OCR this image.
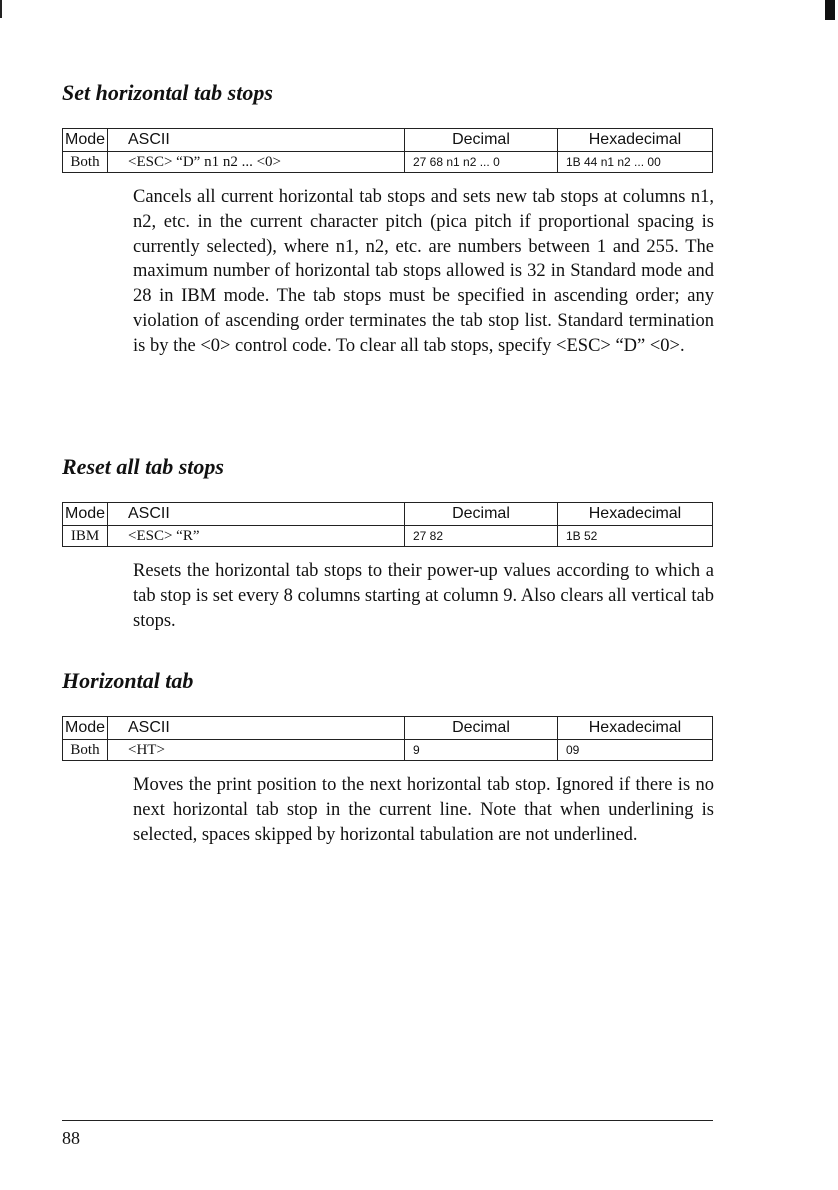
Set horizontal tab stops
Mode	ASCII	Decimal	Hexadecimal
Both	<ESC> “D” n1 n2 ... <0>	27 68 n1 n2 ... 0	1B 44 n1 n2 ... 00

Cancels all current horizontal tab stops and sets new tab stops at columns n1, n2, etc. in the current character pitch (pica pitch if proportional spacing is currently selected), where n1, n2, etc. are numbers between 1 and 255. The maximum number of horizontal tab stops allowed is 32 in Standard mode and 28 in IBM mode. The tab stops must be specified in ascending order; any violation of ascending order terminates the tab stop list. Standard termination is by the <0> control code. To clear all tab stops, specify <ESC> “D” <0>.

Reset all tab stops
Mode	ASCII	Decimal	Hexadecimal
IBM	<ESC> “R”	27 82	1B 52

Resets the horizontal tab stops to their power-up values according to which a tab stop is set every 8 columns starting at column 9. Also clears all vertical tab stops.

Horizontal tab
Mode	ASCII	Decimal	Hexadecimal
Both	<HT>	9	09

Moves the print position to the next horizontal tab stop. Ignored if there is no next horizontal tab stop in the current line. Note that when underlining is selected, spaces skipped by horizontal tabulation are not underlined.

88
